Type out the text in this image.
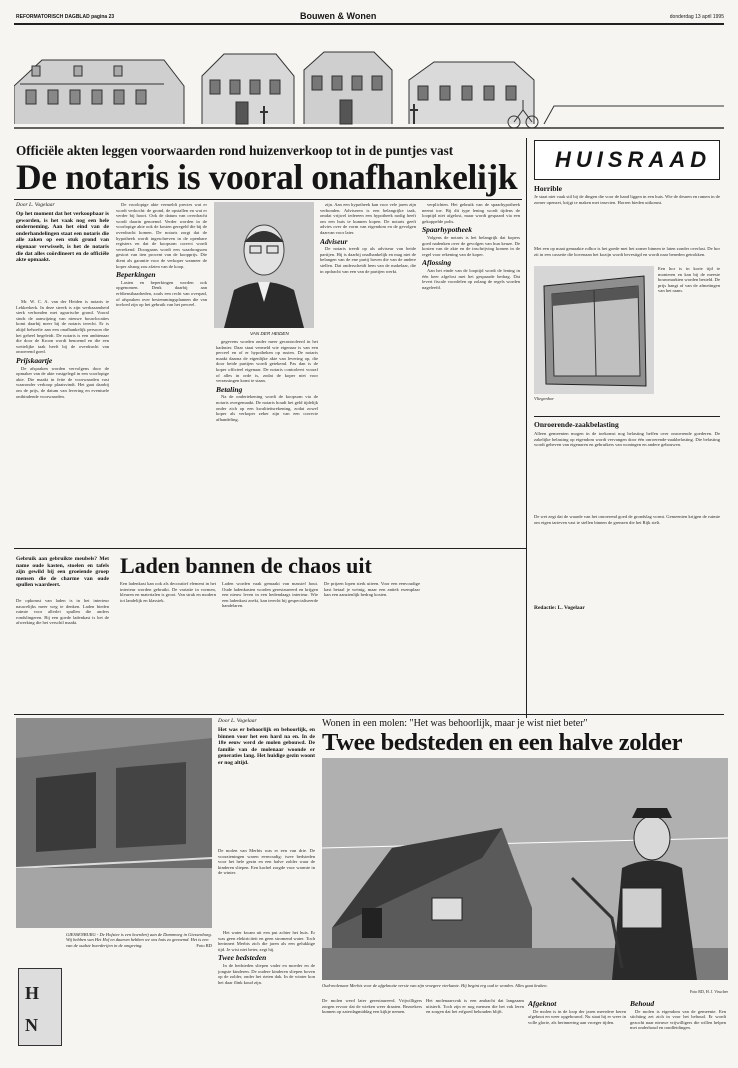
REFORMATORISCH DAGBLAD pagina 23	Bouwen & Wonen	donderdag 13 april 1995
Officiële akten leggen voorwaarden rond huizenverkoop tot in de puntjes vast
De notaris is vooral onafhankelijk
Door L. Vogelaar
Op het moment dat het verkoopbaar is geworden, is het vaak nog een hele onderneming. Aan het eind van de onderhandelingen staat een notaris die alle zaken op een stuk grond van eigenaar verwisselt, is het de notaris die dat alles coördineert en de officiële akte opmaakt.

Mr. W. C. A. van der Heiden is notaris te Lekkerkerk. In deze streek is zijn werkzaamheid sterk verbonden met agrarische grond. Vooral sinds de aanwijzing van nieuwe bouwlocaties komt daarbij meer bij de notaris terecht. Er is altijd behoefte aan een onafhankelijk persoon die het geheel begeleidt. De notaris is een ambtenaar die door de Kroon wordt benoemd en die een wettelijke taak heeft bij de overdracht van onroerend goed.

Prijskaartje

De afspraken worden vervolgens door de opmaker van de akte vastgelegd in een voorlopige akte. Die maakt in feite de voorwaarden vast waaronder verkoop plaatsvindt. Het gaat daarbij om de prijs, de datum van levering en eventuele ontbindende voorwaarden.

De voorlopige akte vermeldt precies wat er wordt verkocht: de grond, de opstallen en wat er verder bij hoort. Ook de datum van overdracht wordt daarin genoemd. Verder worden in de voorlopige akte ook de kosten geregeld die bij de overdracht komen. De notaris zorgt dat de hypotheek wordt ingeschreven in de openbare registers en dat de koopsom correct wordt verrekend. Doorgaans wordt een waarborgsom gestort van tien procent van de koopprijs. Die dient als garantie voor de verkoper wanneer de koper alsnog zou afzien van de koop.

Beperkingen

Lasten en beperkingen worden ook opgenomen. Denk daarbij aan erfdienstbaarheden, zoals een recht van overpad, of afspraken over bestemmingsplannen die van invloed zijn op het gebruik van het perceel.

VAN DER HEIDEN

gegevens worden onder meer gecontroleerd in het kadaster. Daar staat vermeld wie eigenaar is van een perceel en of er hypotheken op rusten. De notaris maakt daarna de eigenlijke akte van levering op, die door beide partijen wordt getekend. Pas dan is de koper officieel eigenaar. De notaris controleert vooraf of alles in orde is, zodat de koper niet voor verrassingen komt te staan.

Betaling

Na de ondertekening wordt de koopsom via de notaris overgemaakt. De notaris houdt het geld tijdelijk onder zich op een kwaliteitsrekening, zodat zowel koper als verkoper zeker zijn van een correcte afhandeling.

zijn. Aan een hypotheek kan voor vele jaren zijn verbonden. Adviseren is een belangrijke taak, omdat vrijwel iedereen een hypotheek nodig heeft om een huis te kunnen kopen. De notaris geeft advies over de vorm van eigendom en de gevolgen daarvan voor later.

Adviseur

De notaris treedt op als adviseur van beide partijen. Hij is daarbij onafhankelijk en mag niet de belangen van de ene partij boven die van de andere stellen. Dat onderscheidt hem van de makelaar, die in opdracht van een van de partijen werkt.

verplichten. Het gebruik van de spaarhypotheek neemt toe. Bij dit type lening wordt tijdens de looptijd niet afgelost, maar wordt gespaard via een gekoppelde polis.

Spaarhypotheek

Volgens de notaris is het belangrijk dat kopers goed nadenken over de gevolgen van hun keuze. De kosten van de akte en de inschrijving komen in de regel voor rekening van de koper.

Aflossing

Aan het einde van de looptijd wordt de lening in één keer afgelost met het gespaarde bedrag. Dat levert fiscale voordelen op zolang de regels worden nageleefd.

HUISRAAD
Horrible
Je staat niet vaak stil bij de dingen die voor de hand liggen in een huis. Wie de deuren en ramen in de zomer openzet, krijgt te maken met insecten. Horren bieden uitkomst.
Met een op maat gemaakte rolhor is het goede met het zomer binnen te laten zonder overlast. De hor zit in een cassette die bovenaan het kozijn wordt bevestigd en wordt naar beneden getrokken.
Een hor is in korte tijd te monteren en kan bij de meeste bouwmarkten worden besteld. De prijs hangt af van de afmetingen van het raam.
Vliegenhor
Onroerende-zaakbelasting
Alleen gemeenten mogen in de toekomst nog belasting heffen over onroerende goederen. De zakelijke belasting op eigendom wordt vervangen door één onroerende-zaakbelasting. Die belasting wordt geheven van eigenaren en gebruikers van woningen en andere gebouwen.
De wet zegt dat de waarde van het onroerend goed de grondslag vormt. Gemeenten krijgen de ruimte om eigen tarieven vast te stellen binnen de grenzen die het Rijk stelt.
Redactie: L. Vogelaar
Gebruik aan gebruikte meubels? Met name oude kasten, stoelen en tafels zijn gewild bij een groeiende groep mensen die de charme van oude spullen waardeert.
Laden bannen de chaos uit
De opkomst van laden is in het interieur nauwelijks meer weg te denken. Laden bieden ruimte voor allerlei spullen die anders rondslingeren. Bij een goede ladenkast is het de afwerking die het verschil maakt.
Een ladenkast kan ook als decoratief element in het interieur worden gebruikt. De variatie in vormen, kleuren en materialen is groot. Van strak en modern tot landelijk en klassiek.
Laden worden vaak gemaakt van massief hout. Oude ladenkasten worden gerestaureerd en krijgen een nieuw leven in een hedendaags interieur. Wie een ladenkast zoekt, kan terecht bij gespecialiseerde handelaren.
De prijzen lopen sterk uiteen. Voor een eenvoudige kast betaal je weinig, maar een antiek exemplaar kan een aanzienlijk bedrag kosten.
H
N
GIESSENBURG - De Hofstee is een boerderij aan de Dammweg in Giessenburg. Wij hebben van Het Hof en daarom hebben we ons huis zo genoemd. Het is een van de oudste boerderijen in de omgeving.	Foto RD
Door L. Vogelaar
Het was er behoorlijk en behoorlijk, en binnen voor het een hard na en. In de 18e eeuw werd de molen gebouwd. De familie van de molenaar woonde er generaties lang. Het huidige gezin woont er nog altijd.
De molen van Merbis was er een van drie. De voorzieningen waren eenvoudig: twee bedsteden voor het hele gezin en een halve zolder waar de kinderen sliepen. Een kachel zorgde voor warmte in de winter.

Het water kwam uit een put achter het huis. Er was geen elektriciteit en geen stromend water. Toch herinnert Merbis zich die jaren als een gelukkige tijd. Je wist niet beter, zegt hij.

Twee bedsteden

In de bedsteden sliepen vader en moeder en de jongste kinderen. De oudere kinderen sliepen boven op de zolder, onder het rieten dak. In de winter kon het daar flink koud zijn.

Wonen in een molen: "Het was behoorlijk, maar je wist niet beter"
Twee bedsteden en een halve zolder
Oud-molenaar Merbis voor de afgeknotte versie van zijn vroegere vierkante. Hij begint erg oud te worden. Alles gaat kraken.
Foto RD, H. J. Visscher
De molen werd later gerestaureerd. Vrijwilligers zorgen ervoor dat de wieken weer draaien. Bezoekers kunnen op zaterdagmiddag een kijkje nemen.
Het molenaarsvak is een ambacht dat langzaam uitsterft. Toch zijn er nog mensen die het vak leren en zorgen dat het erfgoed behouden blijft.
Afgeknot

De molen is in de loop der jaren meerdere keren afgeknot en weer opgebouwd. Nu staat hij er weer in volle glorie, als herinnering aan vroeger tijden.

Behoud

De molen is eigendom van de gemeente. Een stichting zet zich in voor het behoud. Er wordt gezocht naar nieuwe vrijwilligers die willen helpen met onderhoud en rondleidingen.
